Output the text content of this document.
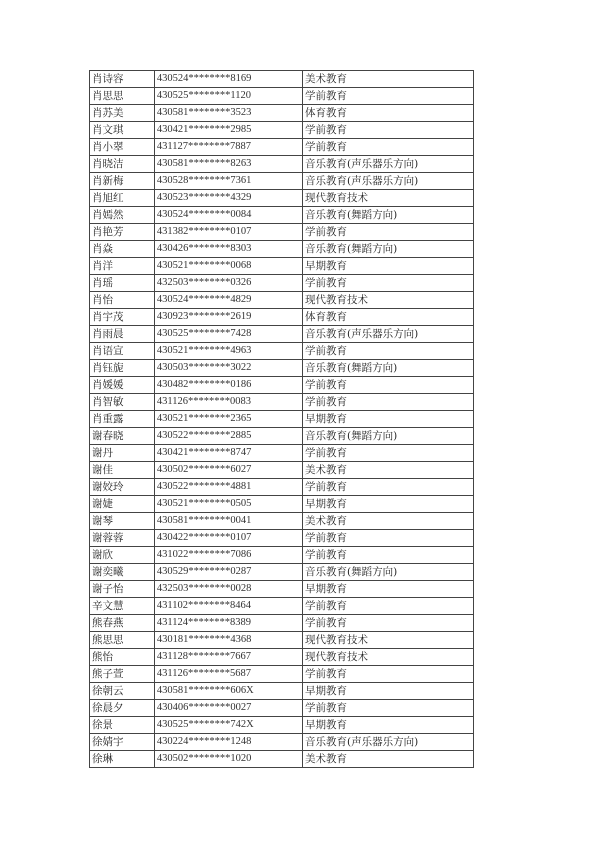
肖诗容	430524********8169	美术教育
肖思思	430525********1120	学前教育
肖苏美	430581********3523	体育教育
肖文琪	430421********2985	学前教育
肖小翠	431127********7887	学前教育
肖晓洁	430581********8263	音乐教育(声乐器乐方向)
肖新梅	430528********7361	音乐教育(声乐器乐方向)
肖旭红	430523********4329	现代教育技术
肖嫣然	430524********0084	音乐教育(舞蹈方向)
肖艳芳	431382********0107	学前教育
肖焱	430426********8303	音乐教育(舞蹈方向)
肖洋	430521********0068	早期教育
肖瑶	432503********0326	学前教育
肖怡	430524********4829	现代教育技术
肖宇茂	430923********2619	体育教育
肖雨晨	430525********7428	音乐教育(声乐器乐方向)
肖语宣	430521********4963	学前教育
肖钰旎	430503********3022	音乐教育(舞蹈方向)
肖媛媛	430482********0186	学前教育
肖智敏	431126********0083	学前教育
肖重露	430521********2365	早期教育
谢春晓	430522********2885	音乐教育(舞蹈方向)
谢丹	430421********8747	学前教育
谢佳	430502********6027	美术教育
谢姣玲	430522********4881	学前教育
谢婕	430521********0505	早期教育
谢琴	430581********0041	美术教育
谢蓉蓉	430422********0107	学前教育
谢欣	431022********7086	学前教育
谢奕曦	430529********0287	音乐教育(舞蹈方向)
谢子怡	432503********0028	早期教育
辛文慧	431102********8464	学前教育
熊春燕	431124********8389	学前教育
熊思思	430181********4368	现代教育技术
熊怡	431128********7667	现代教育技术
熊子萱	431126********5687	学前教育
徐朝云	430581********606X	早期教育
徐晨夕	430406********0027	学前教育
徐景	430525********742X	早期教育
徐婧宇	430224********1248	音乐教育(声乐器乐方向)
徐琳	430502********1020	美术教育
